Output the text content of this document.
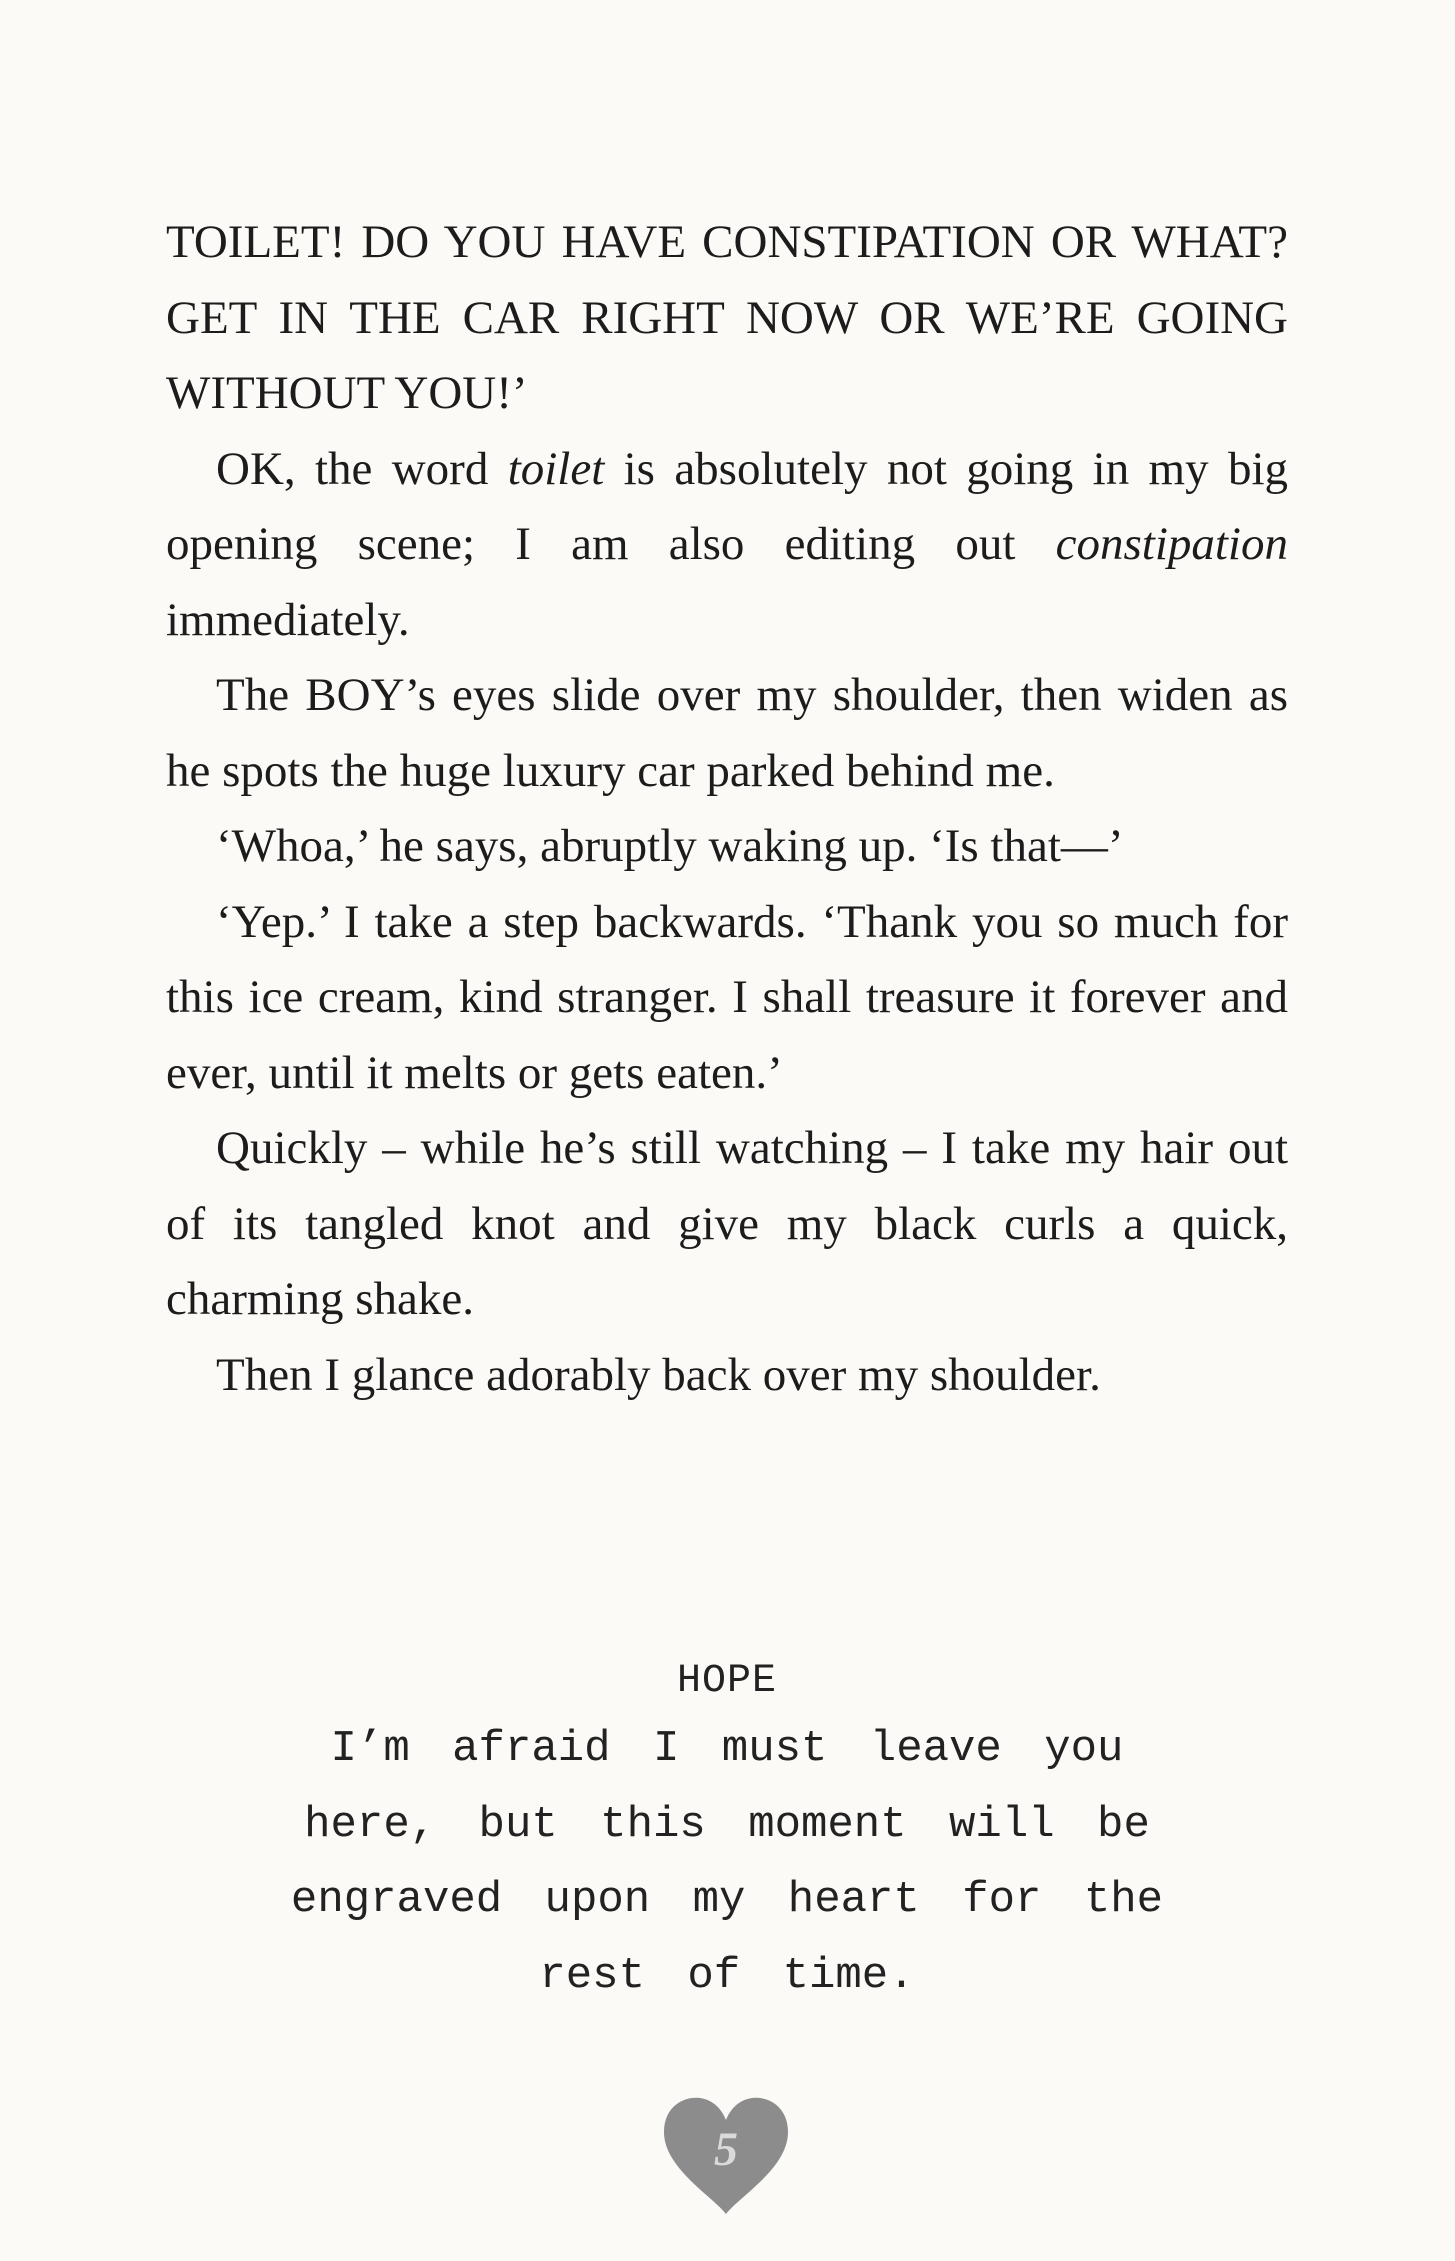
TOILET! DO YOU HAVE CONSTIPATION OR WHAT? GET IN THE CAR RIGHT NOW OR WE’RE GOING WITHOUT YOU!’

OK, the word toilet is absolutely not going in my big opening scene; I am also editing out constipation immediately.

The BOY’s eyes slide over my shoulder, then widen as he spots the huge luxury car parked behind me.

‘Whoa,’ he says, abruptly waking up. ‘Is that—’

‘Yep.’ I take a step backwards. ‘Thank you so much for this ice cream, kind stranger. I shall treasure it forever and ever, until it melts or gets eaten.’

Quickly – while he’s still watching – I take my hair out of its tangled knot and give my black curls a quick, charming shake.

Then I glance adorably back over my shoulder.

HOPE
I’m afraid I must leave you here, but this moment will be engraved upon my heart for the rest of time.
5
